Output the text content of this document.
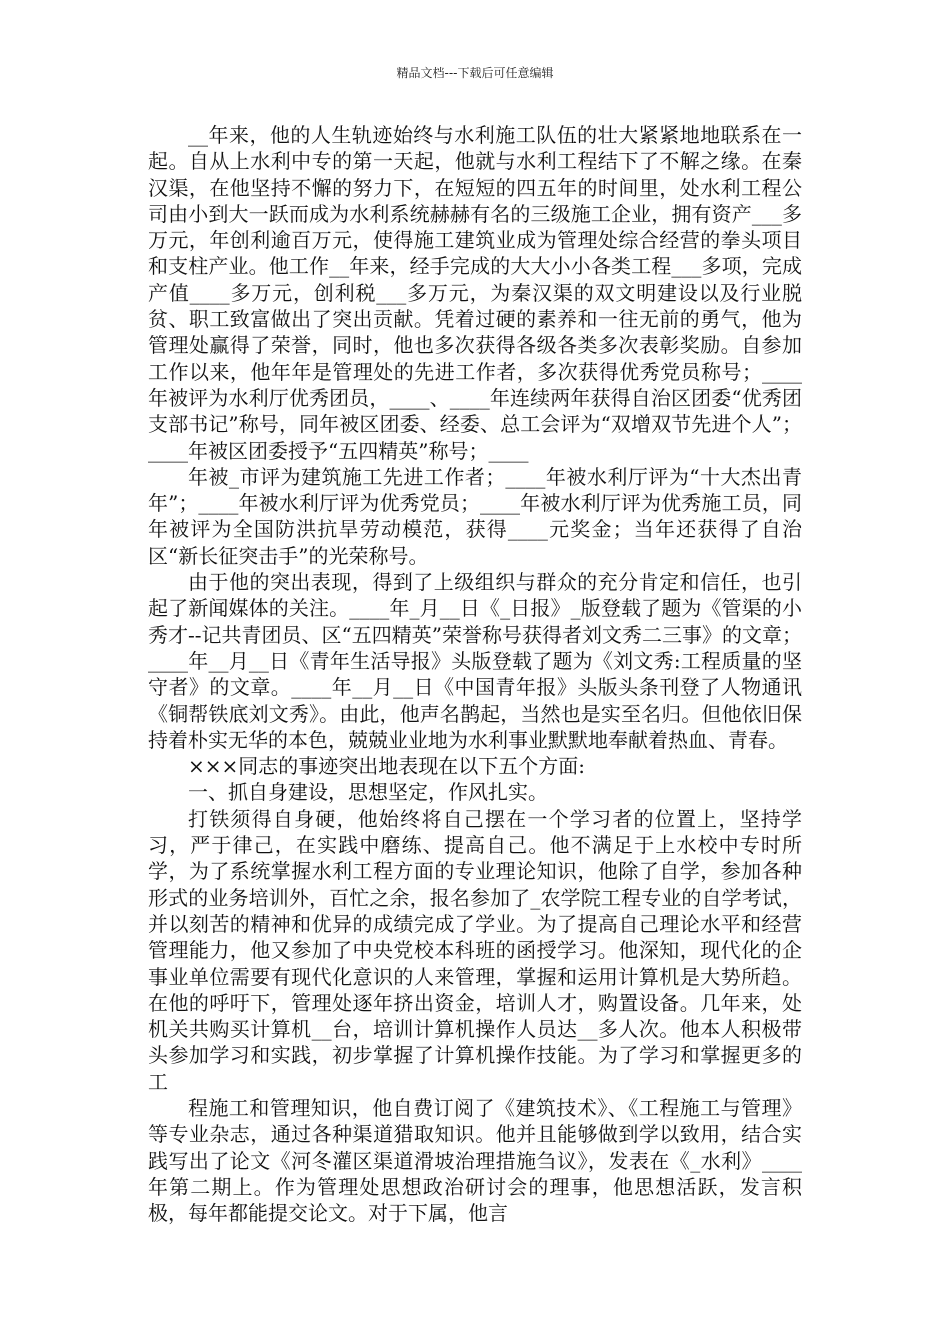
精品文档---下载后可任意编辑

__年来，他的人生轨迹始终与水利施工队伍的壮大紧紧地地联系在一起。自从上水利中专的第一天起，他就与水利工程结下了不解之缘。在秦汉渠，在他坚持不懈的努力下，在短短的四五年的时间里，处水利工程公司由小到大一跃而成为水利系统赫赫有名的三级施工企业，拥有资产___多万元，年创利逾百万元，使得施工建筑业成为管理处综合经营的拳头项目和支柱产业。他工作__年来，经手完成的大大小小各类工程___多项，完成产值____多万元，创利税___多万元，为秦汉渠的双文明建设以及行业脱贫、职工致富做出了突出贡献。凭着过硬的素养和一往无前的勇气，他为管理处赢得了荣誉，同时，他也多次获得各级各类多次表彰奖励。自参加工作以来，他年年是管理处的先进工作者，多次获得优秀党员称号；____年被评为水利厅优秀团员，____、____年连续两年获得自治区团委“优秀团支部书记”称号，同年被区团委、经委、总工会评为“双增双节先进个人”；____年被区团委授予“五四精英”称号；____

年被_市评为建筑施工先进工作者；____年被水利厅评为“十大杰出青年”；____年被水利厅评为优秀党员；____年被水利厅评为优秀施工员，同年被评为全国防洪抗旱劳动模范，获得____元奖金；当年还获得了自治区“新长征突击手”的光荣称号。

由于他的突出表现，得到了上级组织与群众的充分肯定和信任，也引起了新闻媒体的关注。____年_月__日《_日报》_版登载了题为《管渠的小秀才--记共青团员、区“五四精英”荣誉称号获得者刘文秀二三事》的文章；____年__月__日《青年生活导报》头版登载了题为《刘文秀:工程质量的坚守者》的文章。____年__月__日《中国青年报》头版头条刊登了人物通讯《铜帮铁底刘文秀》。由此，他声名鹊起，当然也是实至名归。但他依旧保持着朴实无华的本色，兢兢业业地为水利事业默默地奉献着热血、青春。

×××同志的事迹突出地表现在以下五个方面:

一、抓自身建设，思想坚定，作风扎实。

打铁须得自身硬，他始终将自己摆在一个学习者的位置上，坚持学习，严于律己，在实践中磨练、提高自己。他不满足于上水校中专时所学，为了系统掌握水利工程方面的专业理论知识，他除了自学，参加各种形式的业务培训外，百忙之余，报名参加了_农学院工程专业的自学考试，并以刻苦的精神和优异的成绩完成了学业。为了提高自己理论水平和经营管理能力，他又参加了中央党校本科班的函授学习。他深知，现代化的企事业单位需要有现代化意识的人来管理，掌握和运用计算机是大势所趋。在他的呼吁下，管理处逐年挤出资金，培训人才，购置设备。几年来，处机关共购买计算机__台，培训计算机操作人员达__多人次。他本人积极带头参加学习和实践，初步掌握了计算机操作技能。为了学习和掌握更多的工

程施工和管理知识，他自费订阅了《建筑技术》、《工程施工与管理》等专业杂志，通过各种渠道猎取知识。他并且能够做到学以致用，结合实践写出了论文《河冬灌区渠道滑坡治理措施刍议》，发表在《_水利》____年第二期上。作为管理处思想政治研讨会的理事，他思想活跃，发言积极，每年都能提交论文。对于下属，他言
